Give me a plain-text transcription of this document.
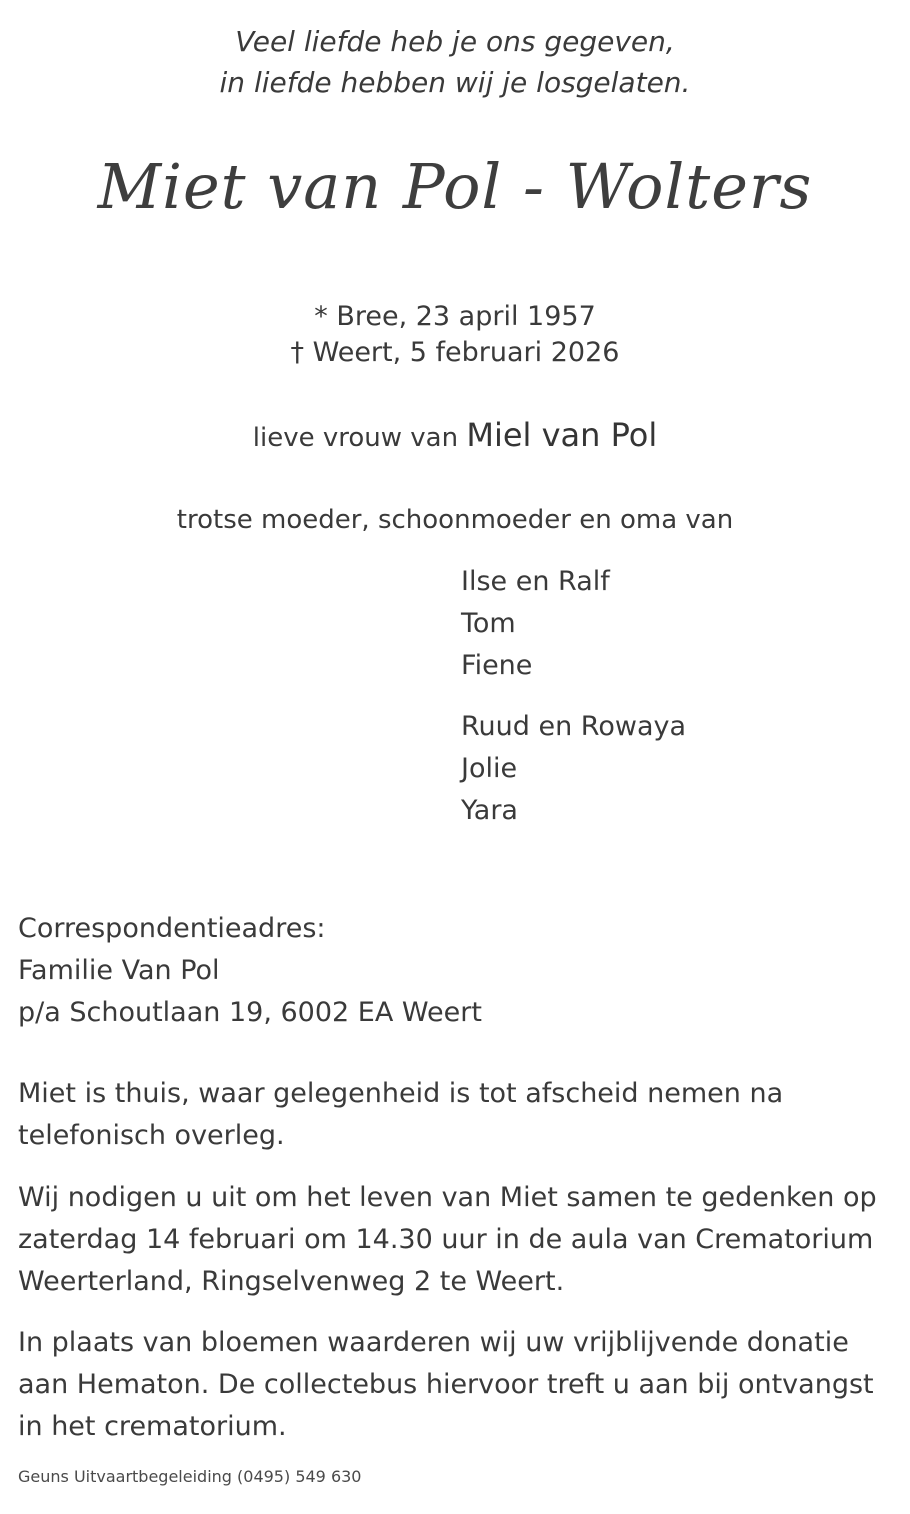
Veel liefde heb je ons gegeven,
in liefde hebben wij je losgelaten.
Miet van Pol - Wolters
* Bree, 23 april 1957
† Weert, 5 februari 2026
lieve vrouw van Miel van Pol
trotse moeder, schoonmoeder en oma van
Ilse en Ralf
Tom
Fiene
Ruud en Rowaya
Jolie
Yara
Correspondentieadres:
Familie Van Pol
p/a Schoutlaan 19, 6002 EA Weert
Miet is thuis, waar gelegenheid is tot afscheid nemen na
telefonisch overleg.
Wij nodigen u uit om het leven van Miet samen te gedenken op
zaterdag 14 februari om 14.30 uur in de aula van Crematorium
Weerterland, Ringselvenweg 2 te Weert.
In plaats van bloemen waarderen wij uw vrijblijvende donatie
aan Hematon. De collectebus hiervoor treft u aan bij ontvangst
in het crematorium.
Geuns Uitvaartbegeleiding (0495) 549 630
